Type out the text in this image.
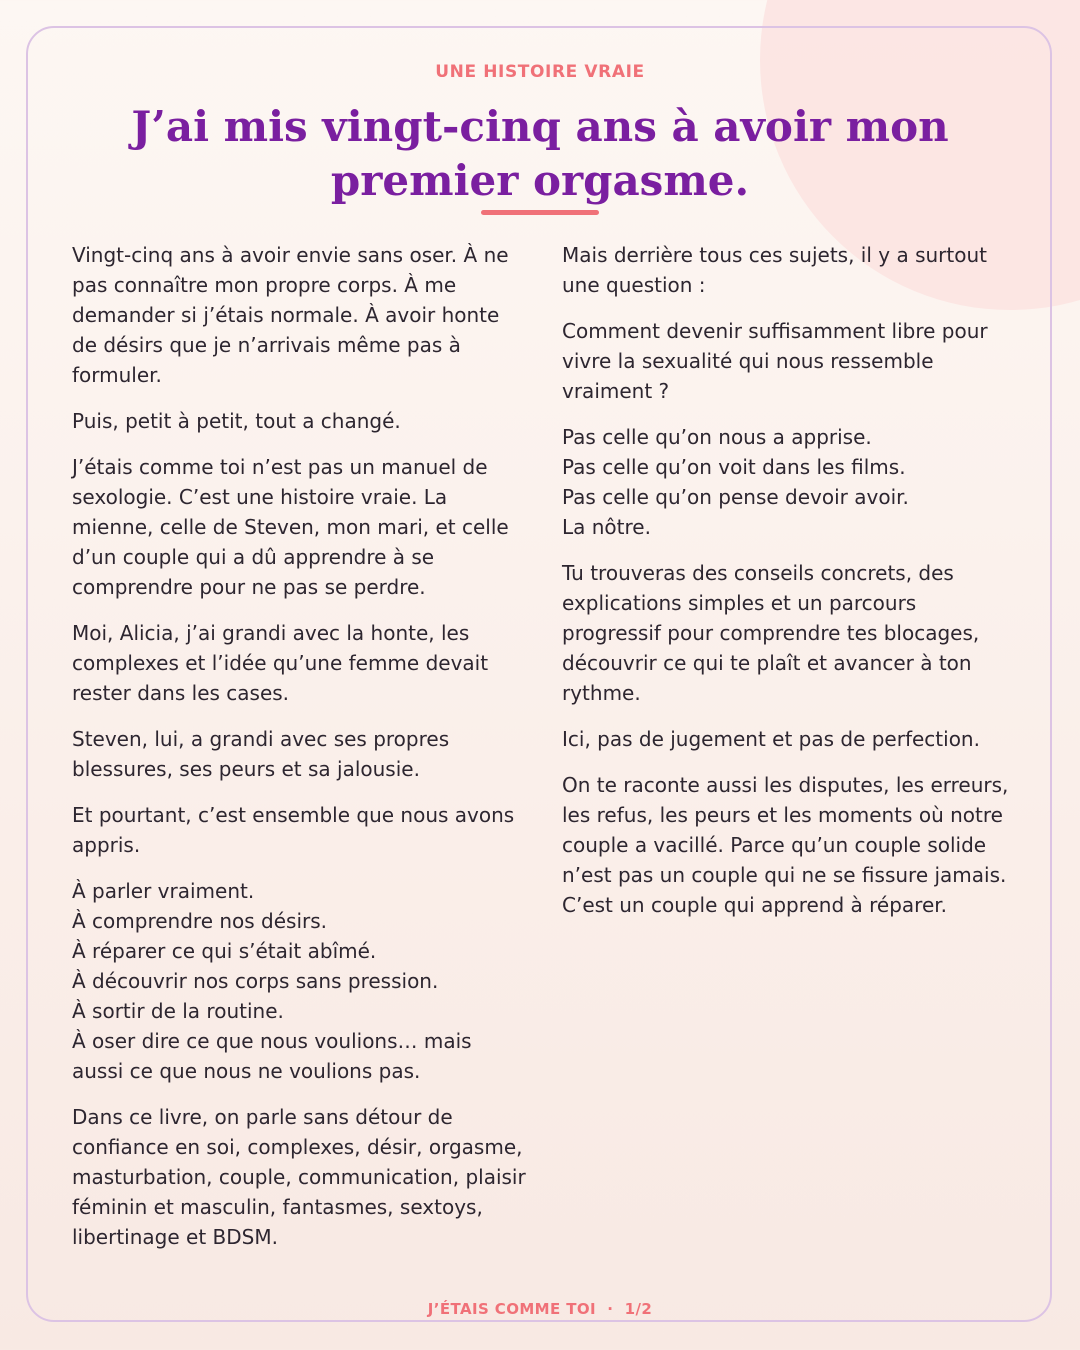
UNE HISTOIRE VRAIE
J’ai mis vingt-cinq ans à avoir mon premier orgasme.

Vingt-cinq ans à avoir envie sans oser. À ne pas connaître mon propre corps. À me demander si j’étais normale. À avoir honte de désirs que je n’arrivais même pas à formuler.

Puis, petit à petit, tout a changé.

J’étais comme toi n’est pas un manuel de sexologie. C’est une histoire vraie. La mienne, celle de Steven, mon mari, et celle d’un couple qui a dû apprendre à se comprendre pour ne pas se perdre.

Moi, Alicia, j’ai grandi avec la honte, les complexes et l’idée qu’une femme devait rester dans les cases.

Steven, lui, a grandi avec ses propres blessures, ses peurs et sa jalousie.

Et pourtant, c’est ensemble que nous avons appris.

À parler vraiment.
À comprendre nos désirs.
À réparer ce qui s’était abîmé.
À découvrir nos corps sans pression.
À sortir de la routine.
À oser dire ce que nous voulions… mais aussi ce que nous ne voulions pas.

Dans ce livre, on parle sans détour de confiance en soi, complexes, désir, orgasme, masturbation, couple, communication, plaisir féminin et masculin, fantasmes, sextoys, libertinage et BDSM.

Mais derrière tous ces sujets, il y a surtout une question :

Comment devenir suffisamment libre pour vivre la sexualité qui nous ressemble vraiment ?

Pas celle qu’on nous a apprise.
Pas celle qu’on voit dans les films.
Pas celle qu’on pense devoir avoir.
La nôtre.

Tu trouveras des conseils concrets, des explications simples et un parcours progressif pour comprendre tes blocages, découvrir ce qui te plaît et avancer à ton rythme.

Ici, pas de jugement et pas de perfection.

On te raconte aussi les disputes, les erreurs, les refus, les peurs et les moments où notre couple a vacillé. Parce qu’un couple solide n’est pas un couple qui ne se fissure jamais. C’est un couple qui apprend à réparer.

J’ÉTAIS COMME TOI · 1/2
